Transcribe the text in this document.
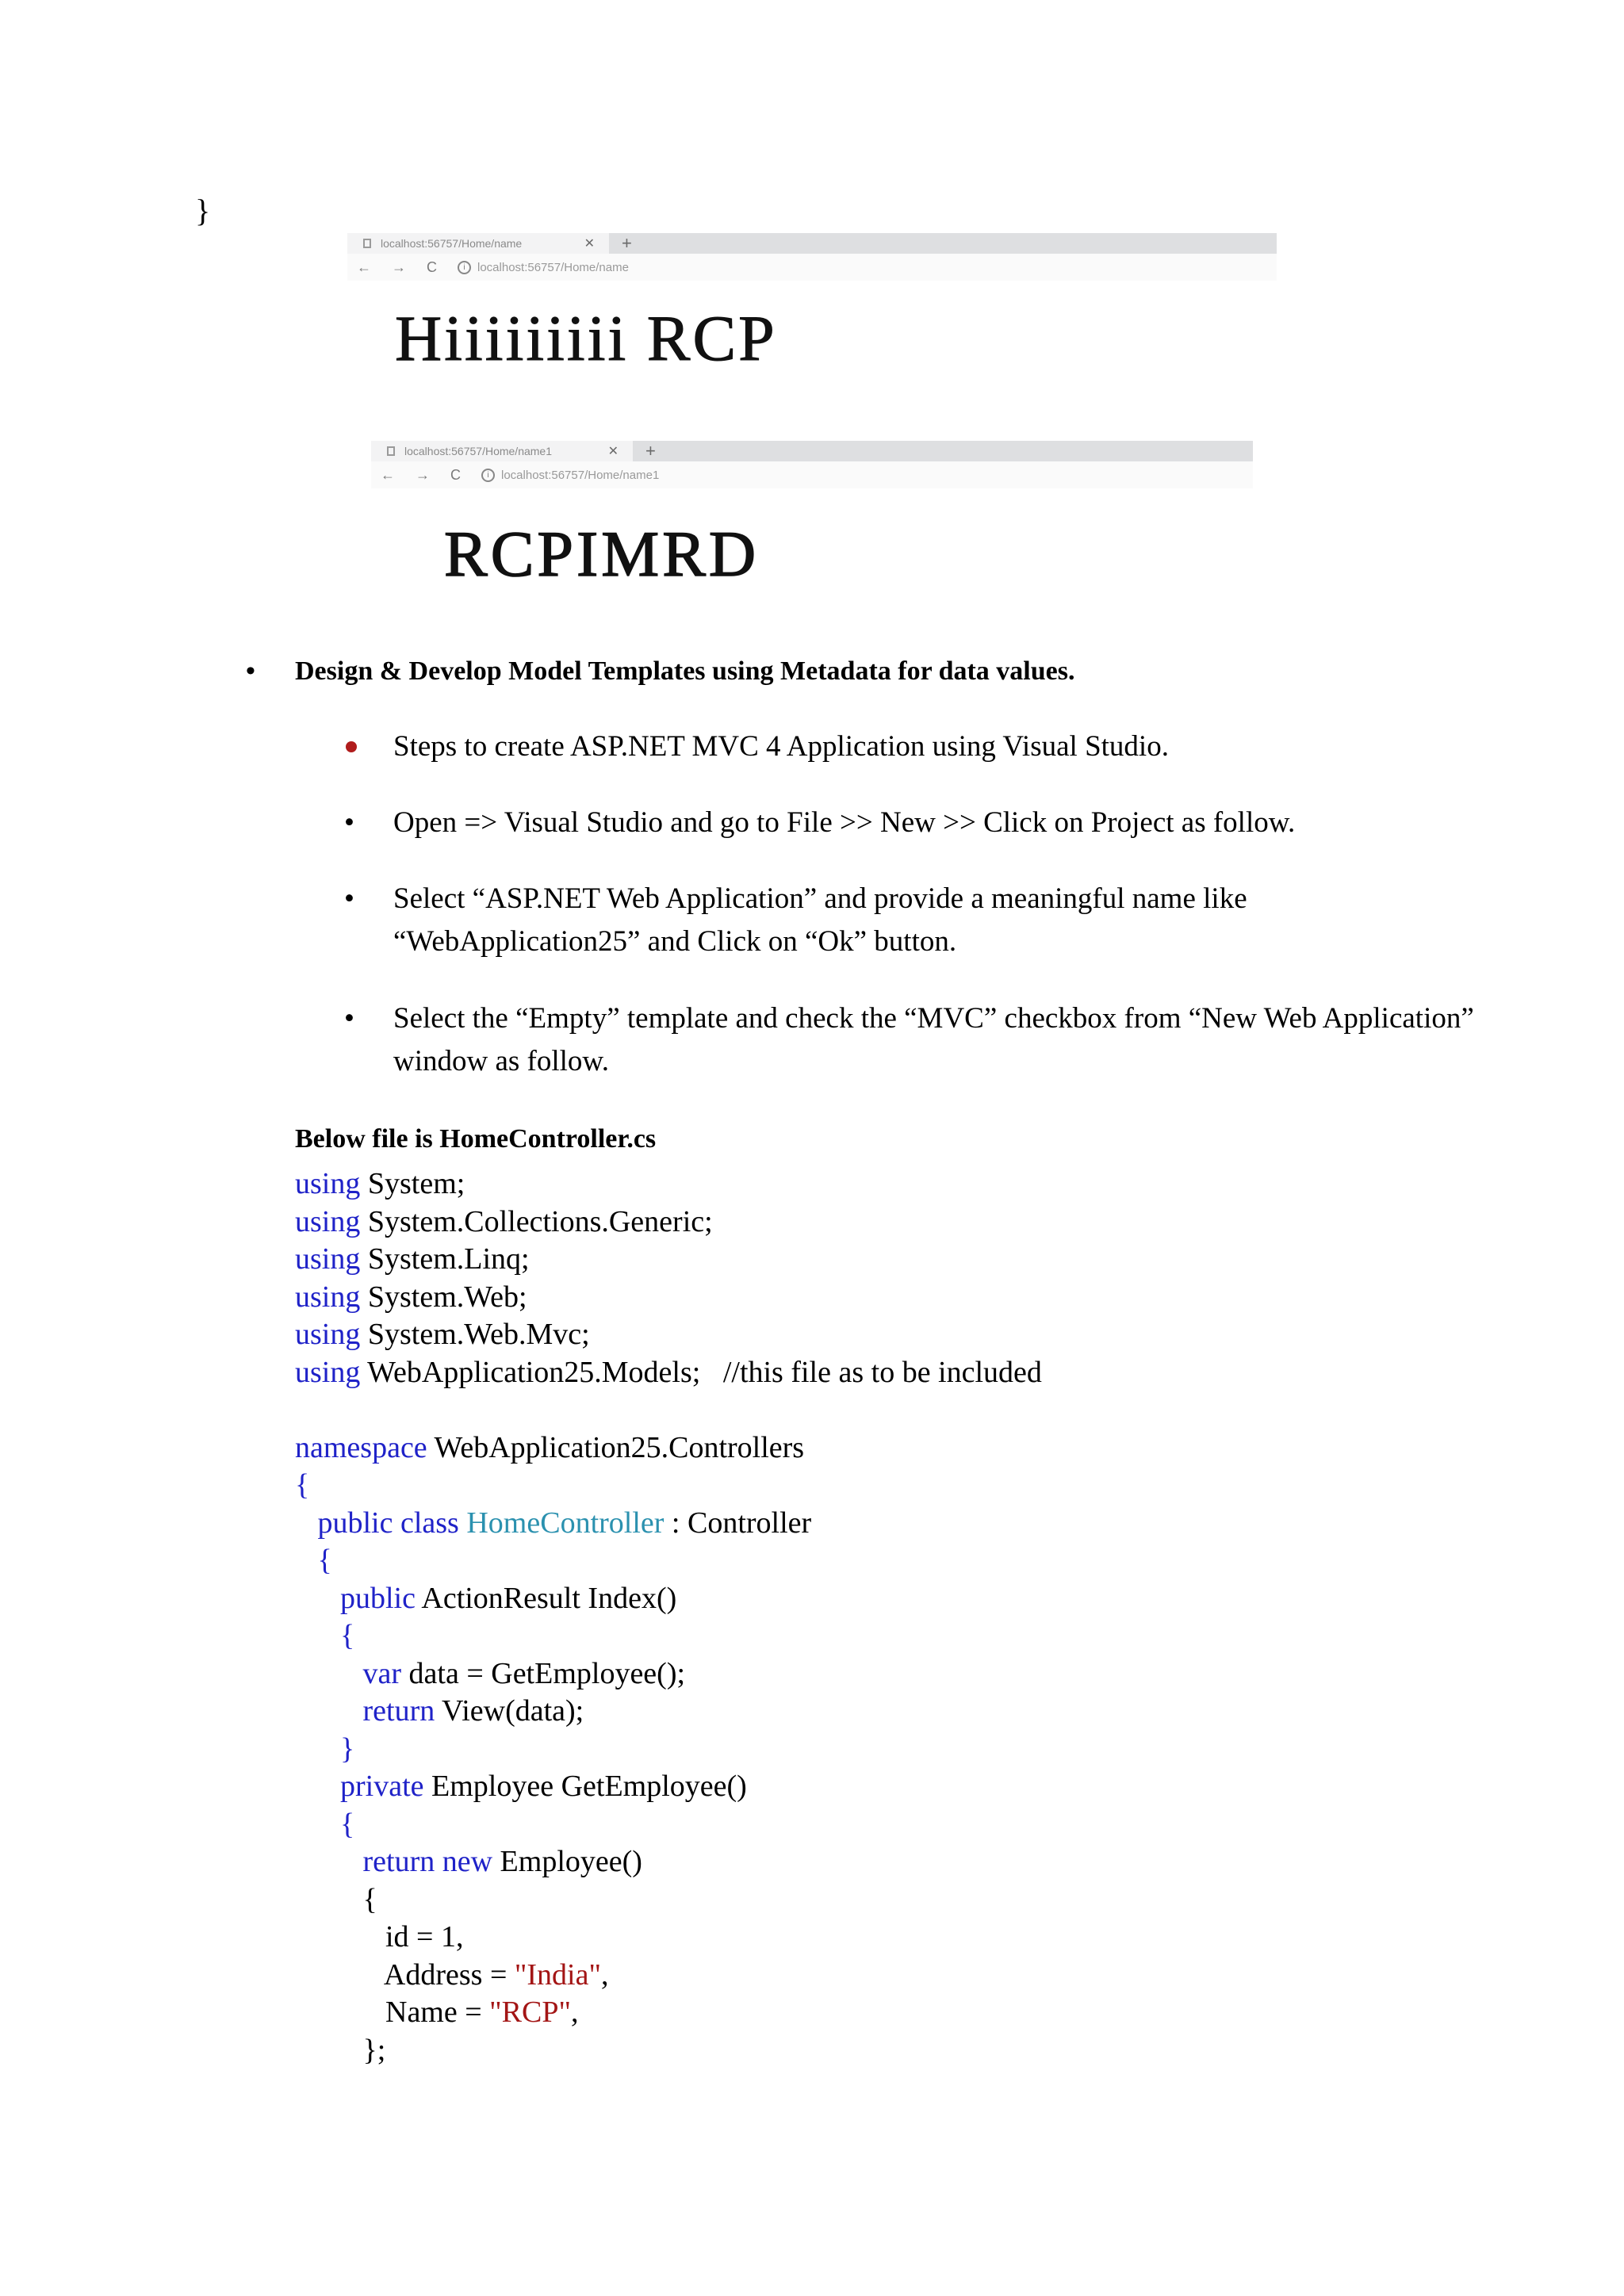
}
localhost:56757/Home/name	✕ +
← → C	i	localhost:56757/Home/name
Hiiiiiiiii RCP
localhost:56757/Home/name1	✕ +
← → C	i	localhost:56757/Home/name1
RCPIMRD
• Design & Develop Model Templates using Metadata for data values.
Steps to create ASP.NET MVC 4 Application using Visual Studio.
• Open => Visual Studio and go to File >> New >> Click on Project as follow.
• Select “ASP.NET Web Application” and provide a meaningful name like “WebApplication25” and Click on “Ok” button.
• Select the “Empty” template and check the “MVC” checkbox from “New Web Application” window as follow.
Below file is HomeController.cs
using System;
using System.Collections.Generic;
using System.Linq;
using System.Web;
using System.Web.Mvc;
using WebApplication25.Models;   //this file as to be included

namespace WebApplication25.Controllers
{
public class HomeController : Controller
{
public ActionResult Index()
{
var data = GetEmployee();
return View(data);
}
private Employee GetEmployee()
{
return new Employee()
{
id = 1,
Address = "India",
Name = "RCP",
};
